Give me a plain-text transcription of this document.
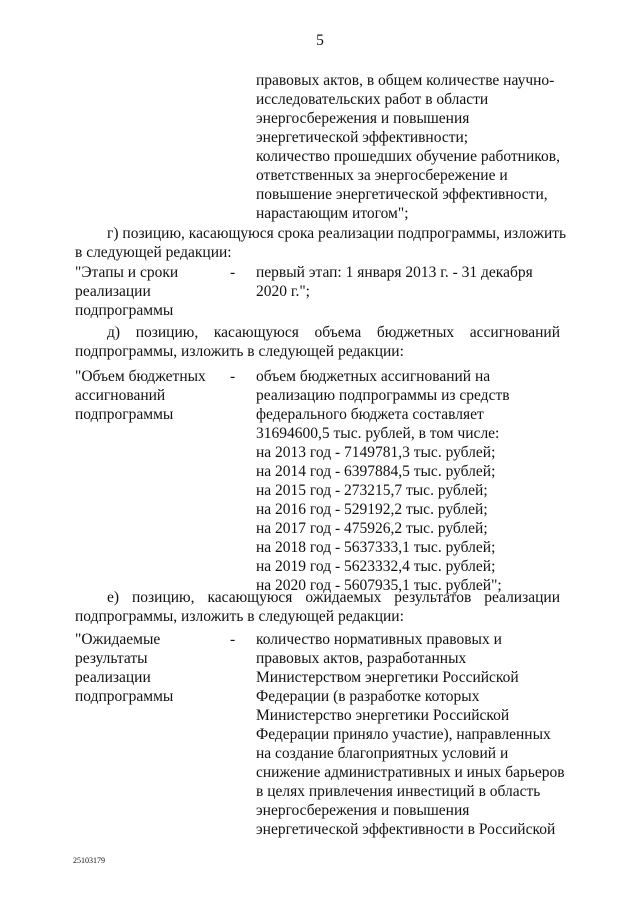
5
правовых актов, в общем количестве научно-
исследовательских работ в области
энергосбережения и повышения
энергетической эффективности;
количество прошедших обучение работников,
ответственных за энергосбережение и
повышение энергетической эффективности,
нарастающим итогом";
г) позицию, касающуюся срока реализации подпрограммы, изложить
в следующей редакции:
"Этапы и сроки
реализации
подпрограммы
- первый этап: 1 января 2013 г. - 31 декабря
2020 г.";
д) позицию, касающуюся объема бюджетных ассигнований
подпрограммы, изложить в следующей редакции:
"Объем бюджетных
ассигнований
подпрограммы
- объем бюджетных ассигнований на
реализацию подпрограммы из средств
федерального бюджета составляет
31694600,5 тыс. рублей, в том числе:
на 2013 год - 7149781,3 тыс. рублей;
на 2014 год - 6397884,5 тыс. рублей;
на 2015 год - 273215,7 тыс. рублей;
на 2016 год - 529192,2 тыс. рублей;
на 2017 год - 475926,2 тыс. рублей;
на 2018 год - 5637333,1 тыс. рублей;
на 2019 год - 5623332,4 тыс. рублей;
на 2020 год - 5607935,1 тыс. рублей";
е) позицию, касающуюся ожидаемых результатов реализации
подпрограммы, изложить в следующей редакции:
"Ожидаемые
результаты
реализации
подпрограммы
- количество нормативных правовых и
правовых актов, разработанных
Министерством энергетики Российской
Федерации (в разработке которых
Министерство энергетики Российской
Федерации приняло участие), направленных
на создание благоприятных условий и
снижение административных и иных барьеров
в целях привлечения инвестиций в область
энергосбережения и повышения
энергетической эффективности в Российской
25103179
